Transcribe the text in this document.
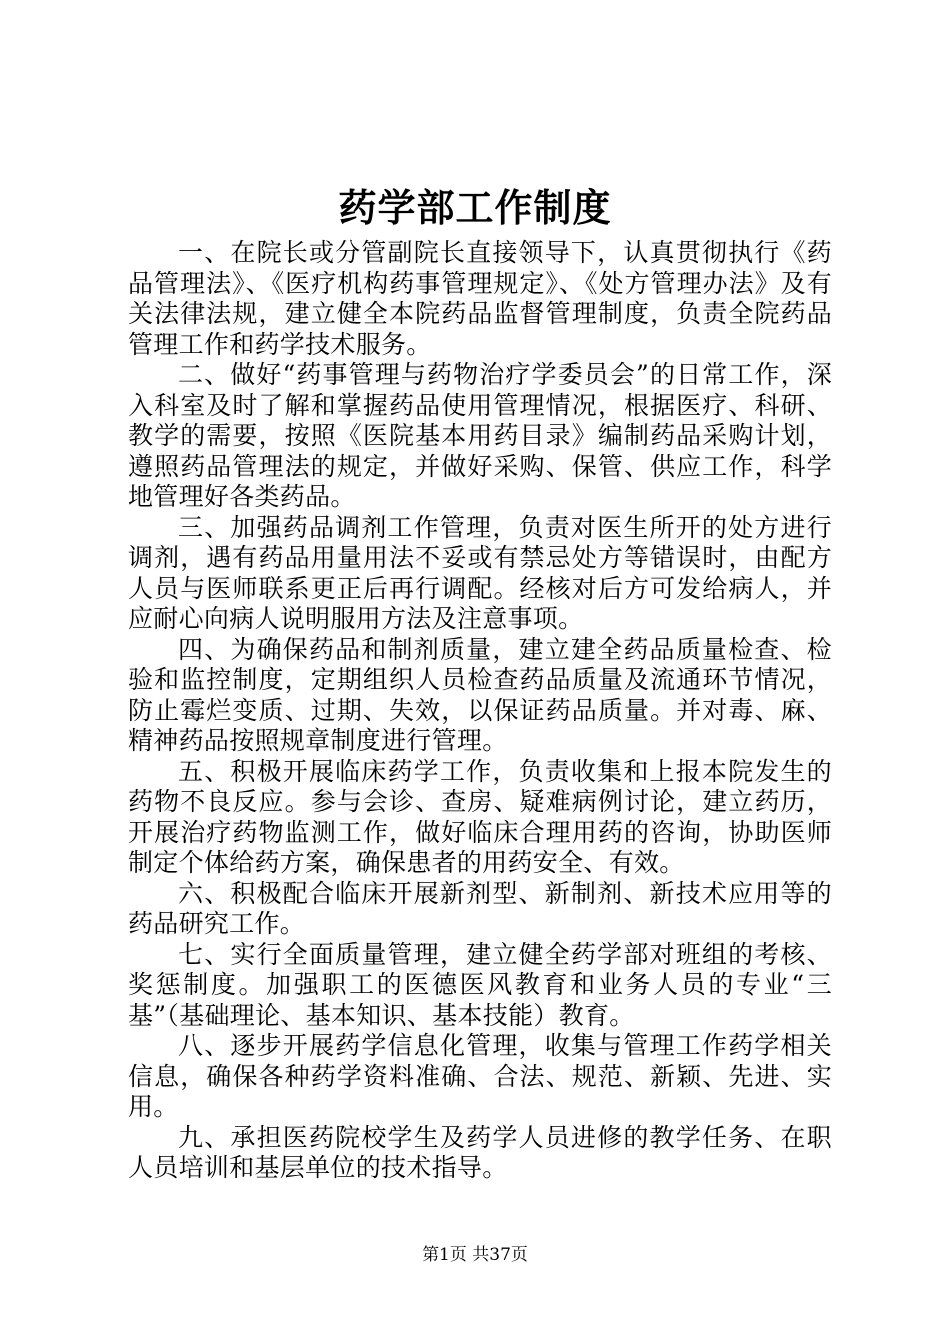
药学部工作制度

一、在院长或分管副院长直接领导下，认真贯彻执行《药品管理法》、《医疗机构药事管理规定》、《处方管理办法》及有关法律法规，建立健全本院药品监督管理制度，负责全院药品管理工作和药学技术服务。

二、做好“药事管理与药物治疗学委员会”的日常工作，深入科室及时了解和掌握药品使用管理情况，根据医疗、科研、教学的需要，按照《医院基本用药目录》编制药品采购计划，遵照药品管理法的规定，并做好采购、保管、供应工作，科学地管理好各类药品。

三、加强药品调剂工作管理，负责对医生所开的处方进行调剂，遇有药品用量用法不妥或有禁忌处方等错误时，由配方人员与医师联系更正后再行调配。经核对后方可发给病人，并应耐心向病人说明服用方法及注意事项。

四、为确保药品和制剂质量，建立建全药品质量检查、检验和监控制度，定期组织人员检查药品质量及流通环节情况，防止霉烂变质、过期、失效，以保证药品质量。并对毒、麻、精神药品按照规章制度进行管理。

五、积极开展临床药学工作，负责收集和上报本院发生的药物不良反应。参与会诊、查房、疑难病例讨论，建立药历，开展治疗药物监测工作，做好临床合理用药的咨询，协助医师制定个体给药方案，确保患者的用药安全、有效。

六、积极配合临床开展新剂型、新制剂、新技术应用等的药品研究工作。

七、实行全面质量管理，建立健全药学部对班组的考核、奖惩制度。加强职工的医德医风教育和业务人员的专业“三基”（基础理论、基本知识、基本技能）教育。

八、逐步开展药学信息化管理，收集与管理工作药学相关信息，确保各种药学资料准确、合法、规范、新颖、先进、实用。

九、承担医药院校学生及药学人员进修的教学任务、在职人员培训和基层单位的技术指导。

第1页 共37页
